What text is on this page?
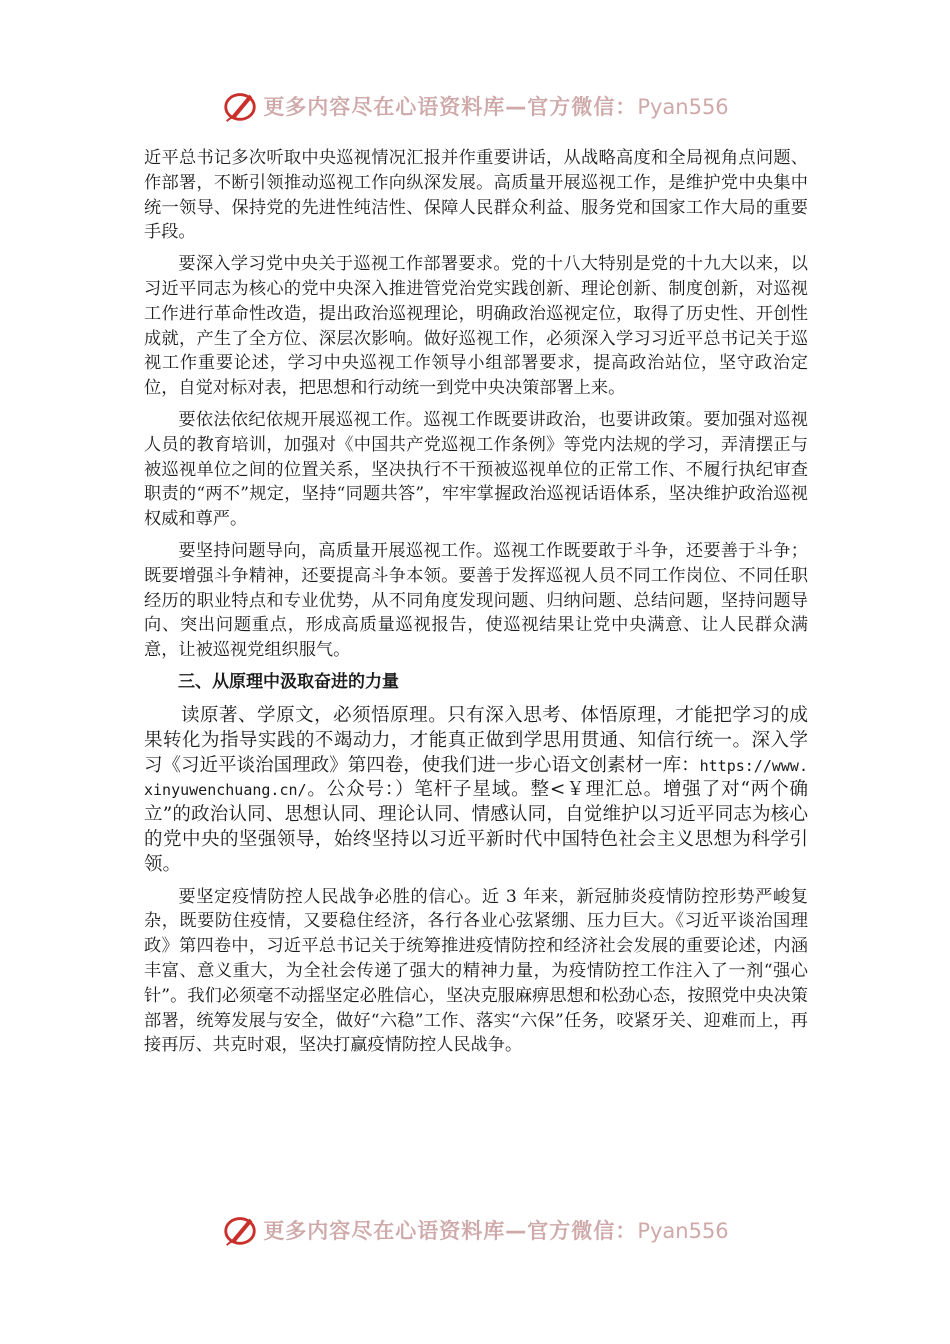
更多内容尽在心语资料库—官方微信：Pyan556

近平总书记多次听取中央巡视情况汇报并作重要讲话，从战略高度和全局视角点问题、作部署，不断引领推动巡视工作向纵深发展。高质量开展巡视工作，是维护党中央集中统一领导、保持党的先进性纯洁性、保障人民群众利益、服务党和国家工作大局的重要手段。

要深入学习党中央关于巡视工作部署要求。党的十八大特别是党的十九大以来，以习近平同志为核心的党中央深入推进管党治党实践创新、理论创新、制度创新，对巡视工作进行革命性改造，提出政治巡视理论，明确政治巡视定位，取得了历史性、开创性成就，产生了全方位、深层次影响。做好巡视工作，必须深入学习习近平总书记关于巡视工作重要论述，学习中央巡视工作领导小组部署要求，提高政治站位，坚守政治定位，自觉对标对表，把思想和行动统一到党中央决策部署上来。

要依法依纪依规开展巡视工作。巡视工作既要讲政治，也要讲政策。要加强对巡视人员的教育培训，加强对《中国共产党巡视工作条例》等党内法规的学习，弄清摆正与被巡视单位之间的位置关系，坚决执行不干预被巡视单位的正常工作、不履行执纪审查职责的“两不”规定，坚持“同题共答”，牢牢掌握政治巡视话语体系，坚决维护政治巡视权威和尊严。

要坚持问题导向，高质量开展巡视工作。巡视工作既要敢于斗争，还要善于斗争；既要增强斗争精神，还要提高斗争本领。要善于发挥巡视人员不同工作岗位、不同任职经历的职业特点和专业优势，从不同角度发现问题、归纳问题、总结问题，坚持问题导向、突出问题重点，形成高质量巡视报告，使巡视结果让党中央满意、让人民群众满意，让被巡视党组织服气。

三、从原理中汲取奋进的力量

读原著、学原文，必须悟原理。只有深入思考、体悟原理，才能把学习的成果转化为指导实践的不竭动力，才能真正做到学思用贯通、知信行统一。深入学习《习近平谈治国理政》第四卷，使我们进一步心语文创素材一库：https://www.xinyuwenchuang.cn/。公众号：）笔杆子星域。整<￥理汇总。增强了对“两个确立”的政治认同、思想认同、理论认同、情感认同，自觉维护以习近平同志为核心的党中央的坚强领导，始终坚持以习近平新时代中国特色社会主义思想为科学引领。

要坚定疫情防控人民战争必胜的信心。近 3 年来，新冠肺炎疫情防控形势严峻复杂，既要防住疫情，又要稳住经济，各行各业心弦紧绷、压力巨大。《习近平谈治国理政》第四卷中，习近平总书记关于统筹推进疫情防控和经济社会发展的重要论述，内涵丰富、意义重大，为全社会传递了强大的精神力量，为疫情防控工作注入了一剂“强心针”。我们必须毫不动摇坚定必胜信心，坚决克服麻痹思想和松劲心态，按照党中央决策部署，统筹发展与安全，做好“六稳”工作、落实“六保”任务，咬紧牙关、迎难而上，再接再厉、共克时艰，坚决打赢疫情防控人民战争。

更多内容尽在心语资料库—官方微信：Pyan556
